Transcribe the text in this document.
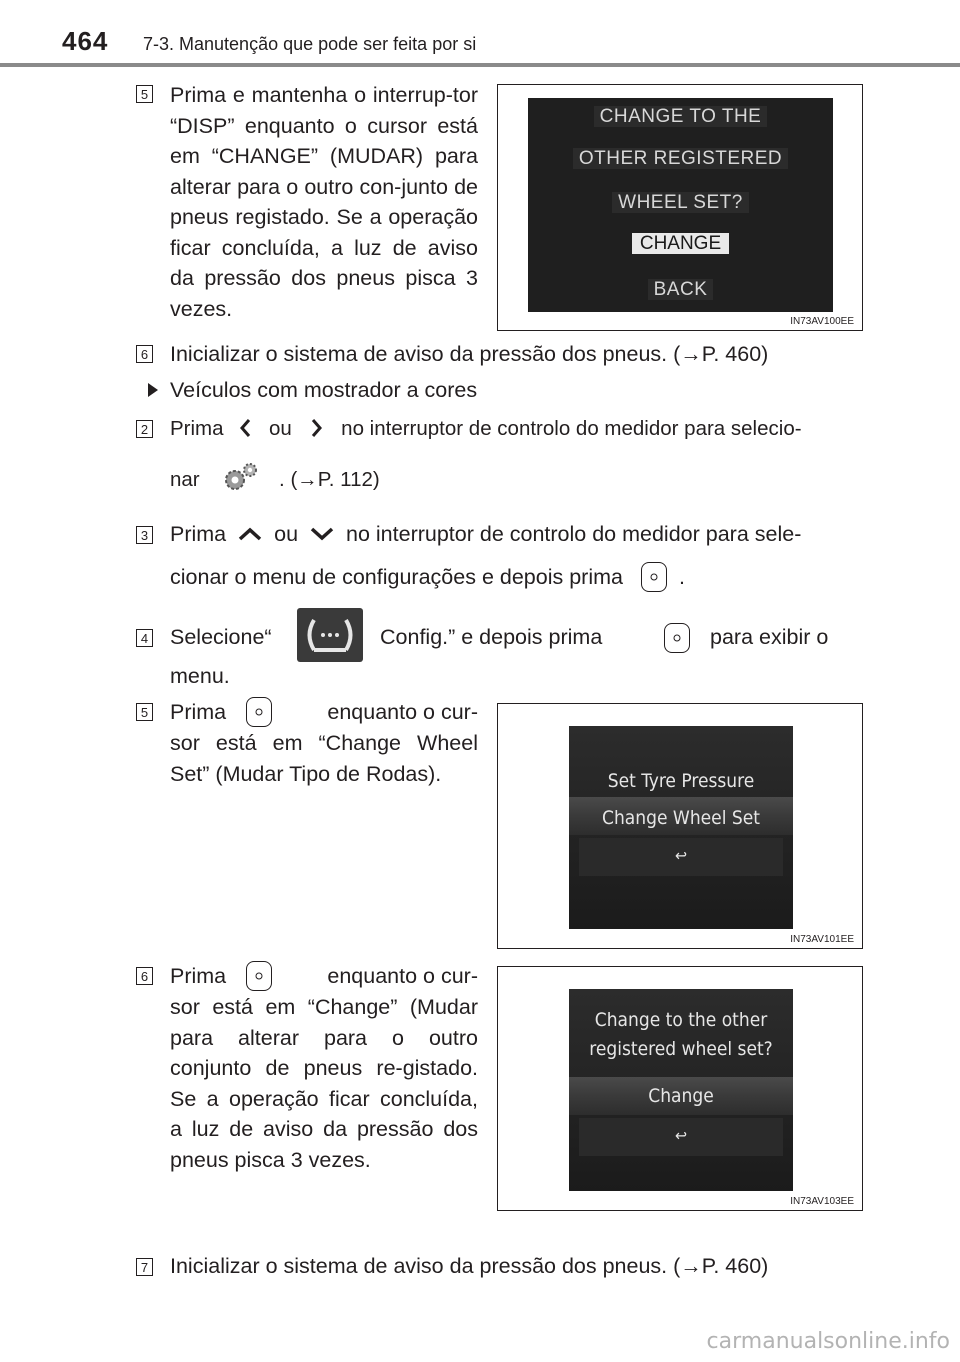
464 7-3. Manutenção que pode ser feita por si
5 Prima e mantenha o interrup-tor “DISP” enquanto o cursor está em “CHANGE” (MUDAR) para alterar para o outro con-junto de pneus registado. Se a operação ficar concluída, a luz de aviso da pressão dos pneus pisca 3 vezes.
CHANGE TO THE
OTHER REGISTERED
WHEEL SET?
CHANGE
BACK
IN73AV100EE
6 Inicializar o sistema de aviso da pressão dos pneus. (→P. 460)
Veículos com mostrador a cores
2 Prima ou no interruptor de controlo do medidor para selecio-
nar	. (→P. 112)
3 Prima ou no interruptor de controlo do medidor para sele-
cionar o menu de configurações e depois prima	.
4 Selecione“	Config.” e depois prima	para exibir o
menu.
5 Prima	enquanto o cur-
sor está em “Change Wheel Set” (Mudar Tipo de Rodas).	Set Tyre Pressure
Change Wheel Set
↩
IN73AV101EE
6 Prima	enquanto o cur-
sor está em “Change” (Mudar para alterar para o outro conjunto de pneus re-gistado. Se a operação ficar concluída, a luz de aviso da pressão dos pneus pisca 3 vezes.
Change to the other
registered wheel set?
Change
↩
IN73AV103EE
7 Inicializar o sistema de aviso da pressão dos pneus. (→P. 460)
carmanualsonline.info
